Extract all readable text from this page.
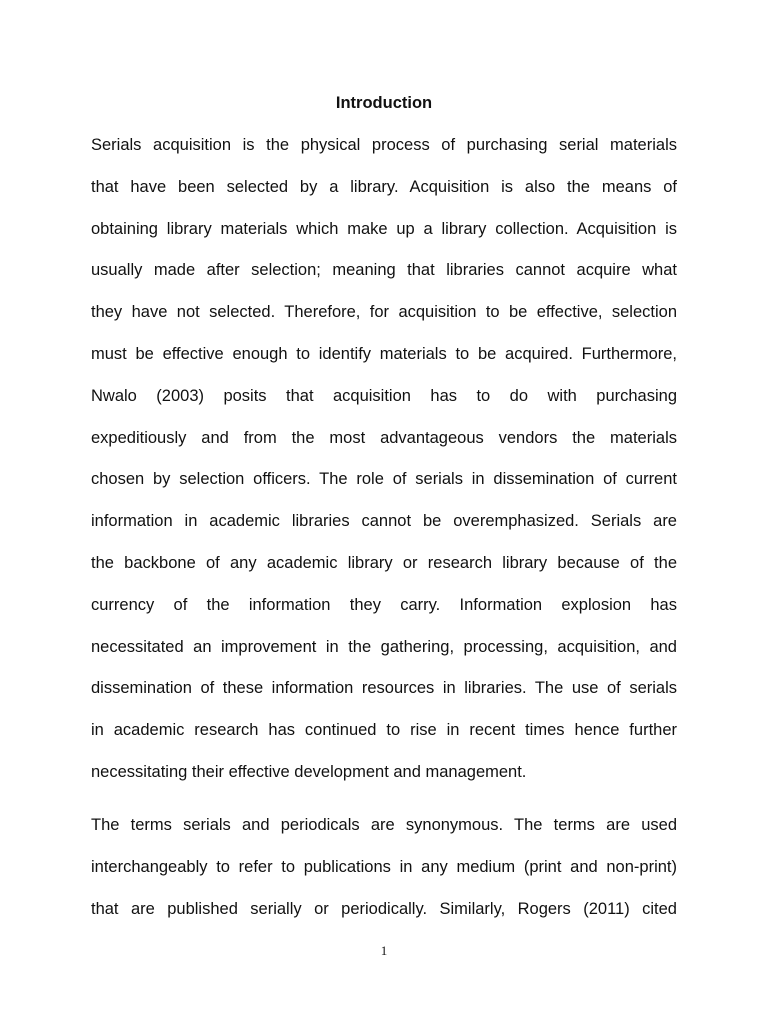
Introduction
Serials acquisition is the physical process of purchasing serial materials
that have been selected by a library. Acquisition is also the means of
obtaining library materials which make up a library collection. Acquisition is
usually made after selection; meaning that libraries cannot acquire what
they have not selected. Therefore, for acquisition to be effective, selection
must be effective enough to identify materials to be acquired. Furthermore,
Nwalo (2003) posits that acquisition has to do with purchasing
expeditiously and from the most advantageous vendors the materials
chosen by selection officers. The role of serials in dissemination of current
information in academic libraries cannot be overemphasized. Serials are
the backbone of any academic library or research library because of the
currency of the information they carry. Information explosion has
necessitated an improvement in the gathering, processing, acquisition, and
dissemination of these information resources in libraries. The use of serials
in academic research has continued to rise in recent times hence further
necessitating their effective development and management.
The terms serials and periodicals are synonymous. The terms are used
interchangeably to refer to publications in any medium (print and non-print)
that are published serially or periodically. Similarly, Rogers (2011) cited
1
